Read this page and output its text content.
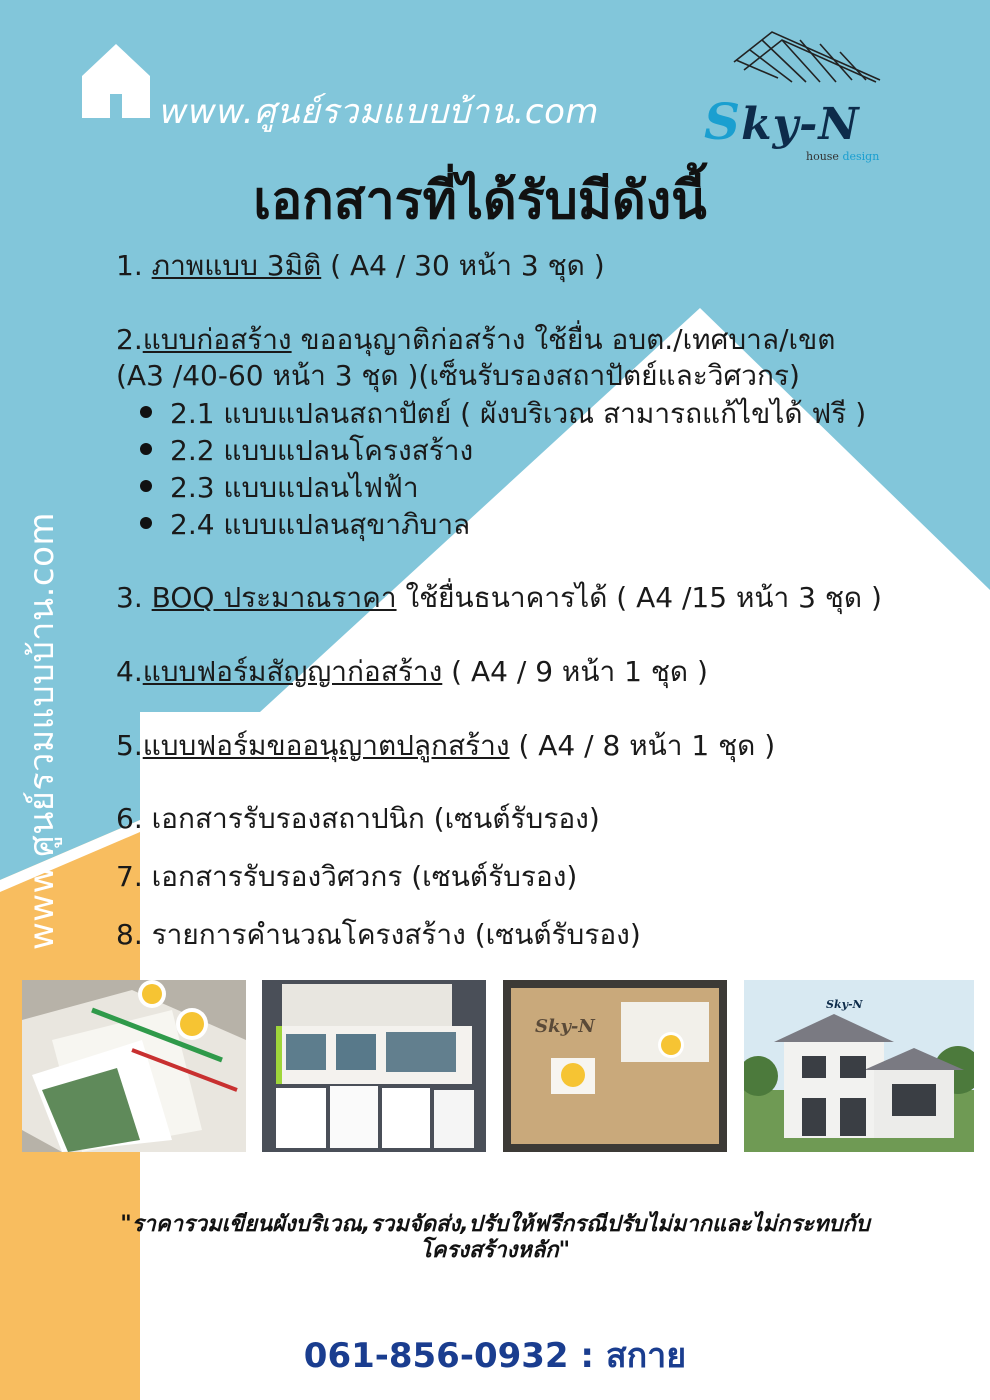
www.ศูนย์รวมแบบบ้าน.com Sky-N
house design
เอกสารที่ได้รับมีดังนี้
www.ศูนย์รวมแบบบ้าน.com
1. ภาพแบบ 3มิติ ( A4 / 30 หน้า 3 ชุด )
2.แบบก่อสร้าง ขออนุญาติก่อสร้าง ใช้ยื่น อบต./เทศบาล/เขต
(A3 /40-60 หน้า 3 ชุด )(เซ็นรับรองสถาปัตย์และวิศวกร)
2.1 แบบแปลนสถาปัตย์ ( ผังบริเวณ สามารถแก้ไขได้ ฟรี )
2.2 แบบแปลนโครงสร้าง
2.3 แบบแปลนไฟฟ้า
2.4 แบบแปลนสุขาภิบาล
3. BOQ ประมาณราคา ใช้ยื่นธนาคารได้ ( A4 /15 หน้า 3 ชุด )
4.แบบฟอร์มสัญญาก่อสร้าง ( A4 / 9 หน้า 1 ชุด )
5.แบบฟอร์มขออนุญาตปลูกสร้าง ( A4 / 8 หน้า 1 ชุด )
6. เอกสารรับรองสถาปนิก (เซนต์รับรอง)
7. เอกสารรับรองวิศวกร (เซนต์รับรอง)
8. รายการคำนวณโครงสร้าง (เซนต์รับรอง)
Sky-N
Sky-N
"ราคารวมเขียนผังบริเวณ,รวมจัดส่ง,ปรับให้ฟรีกรณีปรับไม่มากและไม่กระทบกับ
โครงสร้างหลัก"
061-856-0932 : สกาย
